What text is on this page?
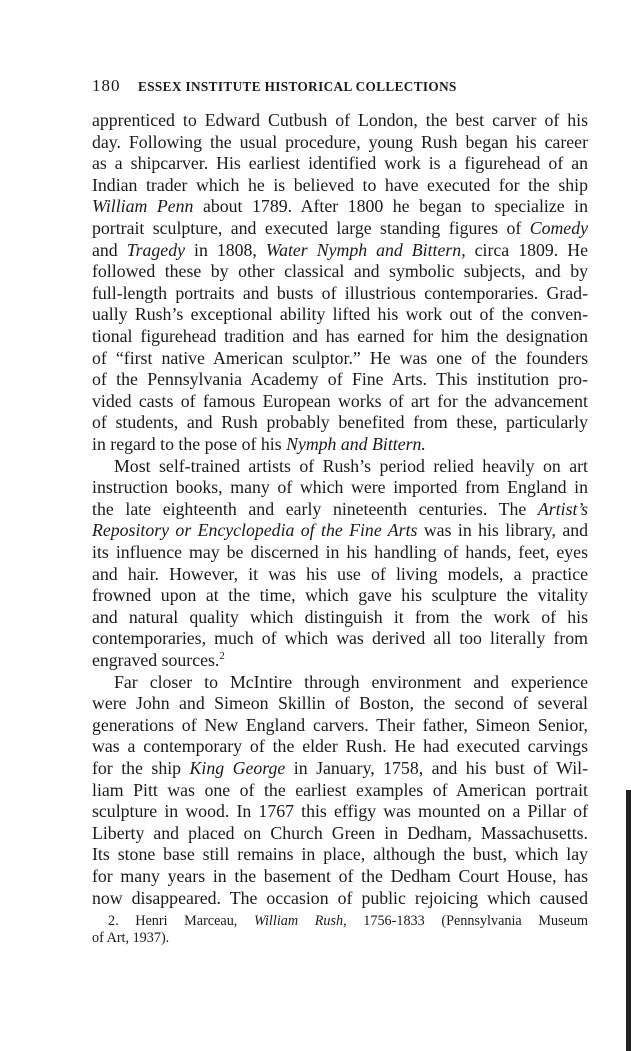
180 ESSEX INSTITUTE HISTORICAL COLLECTIONS
apprenticed to Edward Cutbush of London, the best carver of his
day. Following the usual procedure, young Rush began his career
as a shipcarver. His earliest identified work is a figurehead of an
Indian trader which he is believed to have executed for the ship
William Penn about 1789. After 1800 he began to specialize in
portrait sculpture, and executed large standing figures of Comedy
and Tragedy in 1808, Water Nymph and Bittern, circa 1809. He
followed these by other classical and symbolic subjects, and by
full-length portraits and busts of illustrious contemporaries. Grad-
ually Rush’s exceptional ability lifted his work out of the conven-
tional figurehead tradition and has earned for him the designation
of “first native American sculptor.” He was one of the founders
of the Pennsylvania Academy of Fine Arts. This institution pro-
vided casts of famous European works of art for the advancement
of students, and Rush probably benefited from these, particularly
in regard to the pose of his Nymph and Bittern.
Most self-trained artists of Rush’s period relied heavily on art
instruction books, many of which were imported from England in
the late eighteenth and early nineteenth centuries. The Artist’s
Repository or Encyclopedia of the Fine Arts was in his library, and
its influence may be discerned in his handling of hands, feet, eyes
and hair. However, it was his use of living models, a practice
frowned upon at the time, which gave his sculpture the vitality
and natural quality which distinguish it from the work of his
contemporaries, much of which was derived all too literally from
engraved sources.$^2$
Far closer to McIntire through environment and experience
were John and Simeon Skillin of Boston, the second of several
generations of New England carvers. Their father, Simeon Senior,
was a contemporary of the elder Rush. He had executed carvings
for the ship King George in January, 1758, and his bust of Wil-
liam Pitt was one of the earliest examples of American portrait
sculpture in wood. In 1767 this effigy was mounted on a Pillar of
Liberty and placed on Church Green in Dedham, Massachusetts.
Its stone base still remains in place, although the bust, which lay
for many years in the basement of the Dedham Court House, has
now disappeared. The occasion of public rejoicing which caused
2. Henri Marceau, William Rush, 1756-1833 (Pennsylvania Museum
of Art, 1937).
